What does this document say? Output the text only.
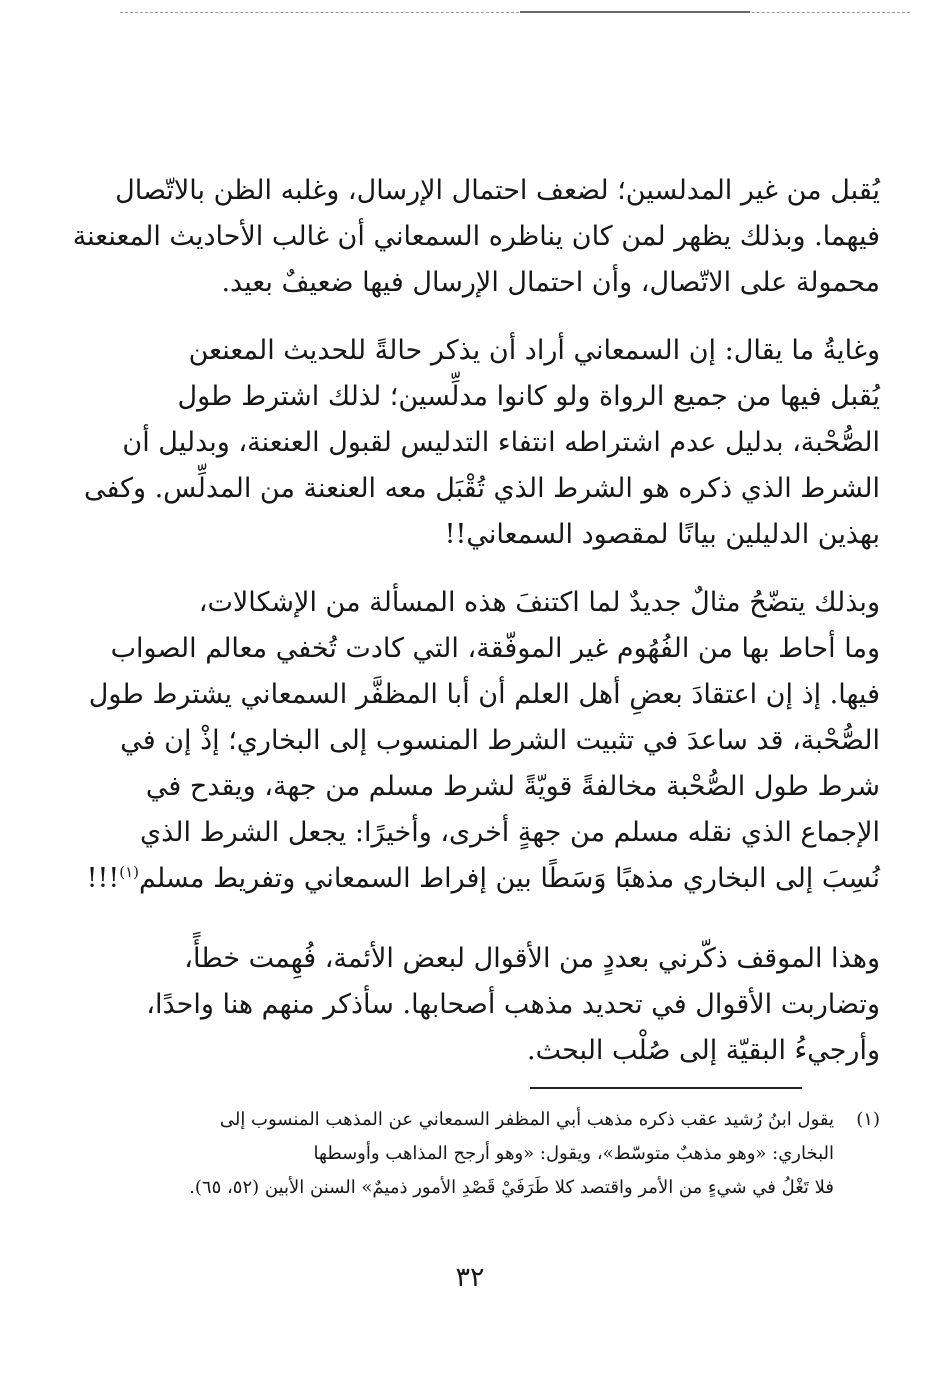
يُقبل من غير المدلسين؛ لضعف احتمال الإرسال، وغلبه الظن بالاتّصال
فيهما. وبذلك يظهر لمن كان يناظره السمعاني أن غالب الأحاديث المعنعنة
محمولة على الاتّصال، وأن احتمال الإرسال فيها ضعيفٌ بعيد.

وغايةُ ما يقال: إن السمعاني أراد أن يذكر حالةً للحديث المعنعن
يُقبل فيها من جميع الرواة ولو كانوا مدلِّسين؛ لذلك اشترط طول
الصُّحْبة، بدليل عدم اشتراطه انتفاء التدليس لقبول العنعنة، وبدليل أن
الشرط الذي ذكره هو الشرط الذي تُقْبَل معه العنعنة من المدلِّس. وكفى
بهذين الدليلين بيانًا لمقصود السمعاني!!

وبذلك يتضّحُ مثالٌ جديدٌ لما اكتنفَ هذه المسألة من الإشكالات،
وما أحاط بها من الفُهُوم غير الموفّقة، التي كادت تُخفي معالم الصواب
فيها. إذ إن اعتقادَ بعضِ أهل العلم أن أبا المظفَّر السمعاني يشترط طول
الصُّحْبة، قد ساعدَ في تثبيت الشرط المنسوب إلى البخاري؛ إذْ إن في
شرط طول الصُّحْبة مخالفةً قويّةً لشرط مسلم من جهة، ويقدح في
الإجماع الذي نقله مسلم من جهةٍ أخرى، وأخيرًا: يجعل الشرط الذي
نُسِبَ إلى البخاري مذهبًا وَسَطًا بين إفراط السمعاني وتفريط مسلم$^{(١)}$!!!

وهذا الموقف ذكّرني بعددٍ من الأقوال لبعض الأئمة، فُهِمت خطأً،
وتضاربت الأقوال في تحديد مذهب أصحابها. سأذكر منهم هنا واحدًا،
وأرجيءُ البقيّة إلى صُلْب البحث.

(١)يقول ابنُ رُشيد عقب ذكره مذهب أبي المظفر السمعاني عن المذهب المنسوب إلى
البخاري: «وهو مذهبٌ متوسّط»، ويقول: «وهو أرجح المذاهب وأوسطها
فلا تَغْلُ في شيءٍ من الأمر واقتصد كلا طَرَفَيْ قَصْدِ الأمور ذميمٌ» السنن الأبين (٥٢، ٦٥).
٣٢
